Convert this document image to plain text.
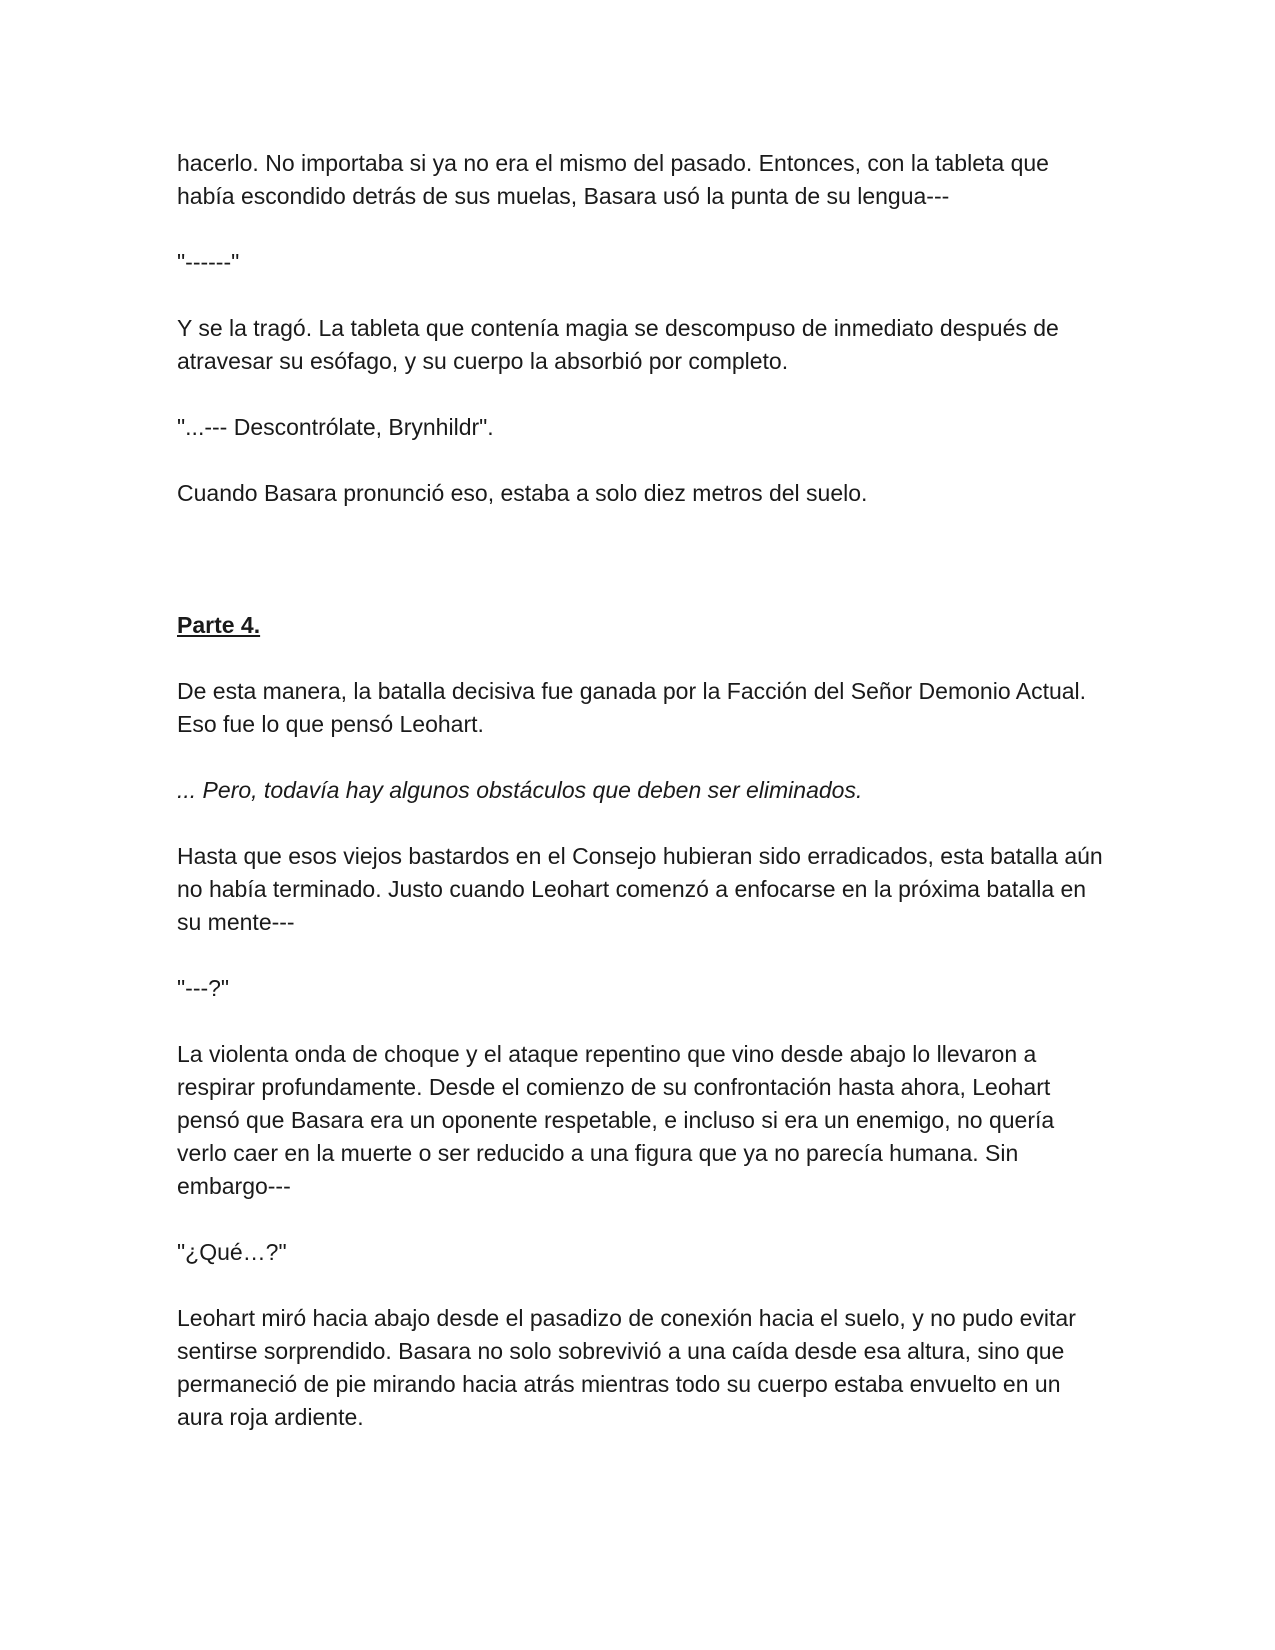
hacerlo. No importaba si ya no era el mismo del pasado. Entonces, con la tableta que había escondido detrás de sus muelas, Basara usó la punta de su lengua---

"------"

Y se la tragó. La tableta que contenía magia se descompuso de inmediato después de atravesar su esófago, y su cuerpo la absorbió por completo.

"...--- Descontrólate, Brynhildr".

Cuando Basara pronunció eso, estaba a solo diez metros del suelo.

Parte 4.

De esta manera, la batalla decisiva fue ganada por la Facción del Señor Demonio Actual. Eso fue lo que pensó Leohart.

... Pero, todavía hay algunos obstáculos que deben ser eliminados.

Hasta que esos viejos bastardos en el Consejo hubieran sido erradicados, esta batalla aún no había terminado. Justo cuando Leohart comenzó a enfocarse en la próxima batalla en su mente---

"---?"

La violenta onda de choque y el ataque repentino que vino desde abajo lo llevaron a respirar profundamente. Desde el comienzo de su confrontación hasta ahora, Leohart pensó que Basara era un oponente respetable, e incluso si era un enemigo, no quería verlo caer en la muerte o ser reducido a una figura que ya no parecía humana. Sin embargo---

"¿Qué…?"

Leohart miró hacia abajo desde el pasadizo de conexión hacia el suelo, y no pudo evitar sentirse sorprendido. Basara no solo sobrevivió a una caída desde esa altura, sino que permaneció de pie mirando hacia atrás mientras todo su cuerpo estaba envuelto en un aura roja ardiente.
